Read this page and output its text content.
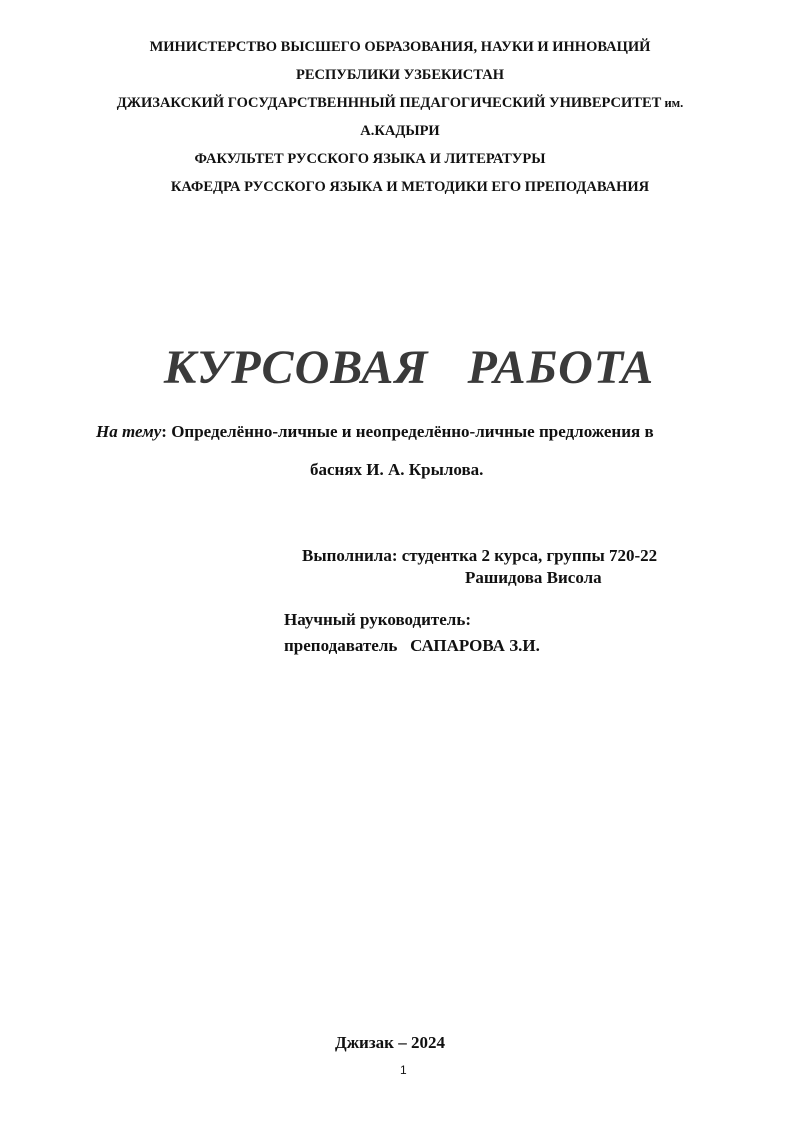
МИНИСТЕРСТВО ВЫСШЕГО ОБРАЗОВАНИЯ, НАУКИ И ИННОВАЦИЙ
РЕСПУБЛИКИ УЗБЕКИСТАН
ДЖИЗАКСКИЙ ГОСУДАРСТВЕНННЫЙ ПЕДАГОГИЧЕСКИЙ УНИВЕРСИТЕТ им.
А.КАДЫРИ
ФАКУЛЬТЕТ РУССКОГО ЯЗЫКА И ЛИТЕРАТУРЫ
КАФЕДРА РУССКОГО ЯЗЫКА И МЕТОДИКИ ЕГО ПРЕПОДАВАНИЯ
КУРСОВАЯ   РАБОТА
На тему: Определённо-личные и неопределённо-личные предложения в
баснях И. А. Крылова.
Выполнила: студентка 2 курса, группы 720-22
Рашидова Висола
Научный руководитель:
преподаватель   САПАРОВА З.И.
Джизак – 2024
1
